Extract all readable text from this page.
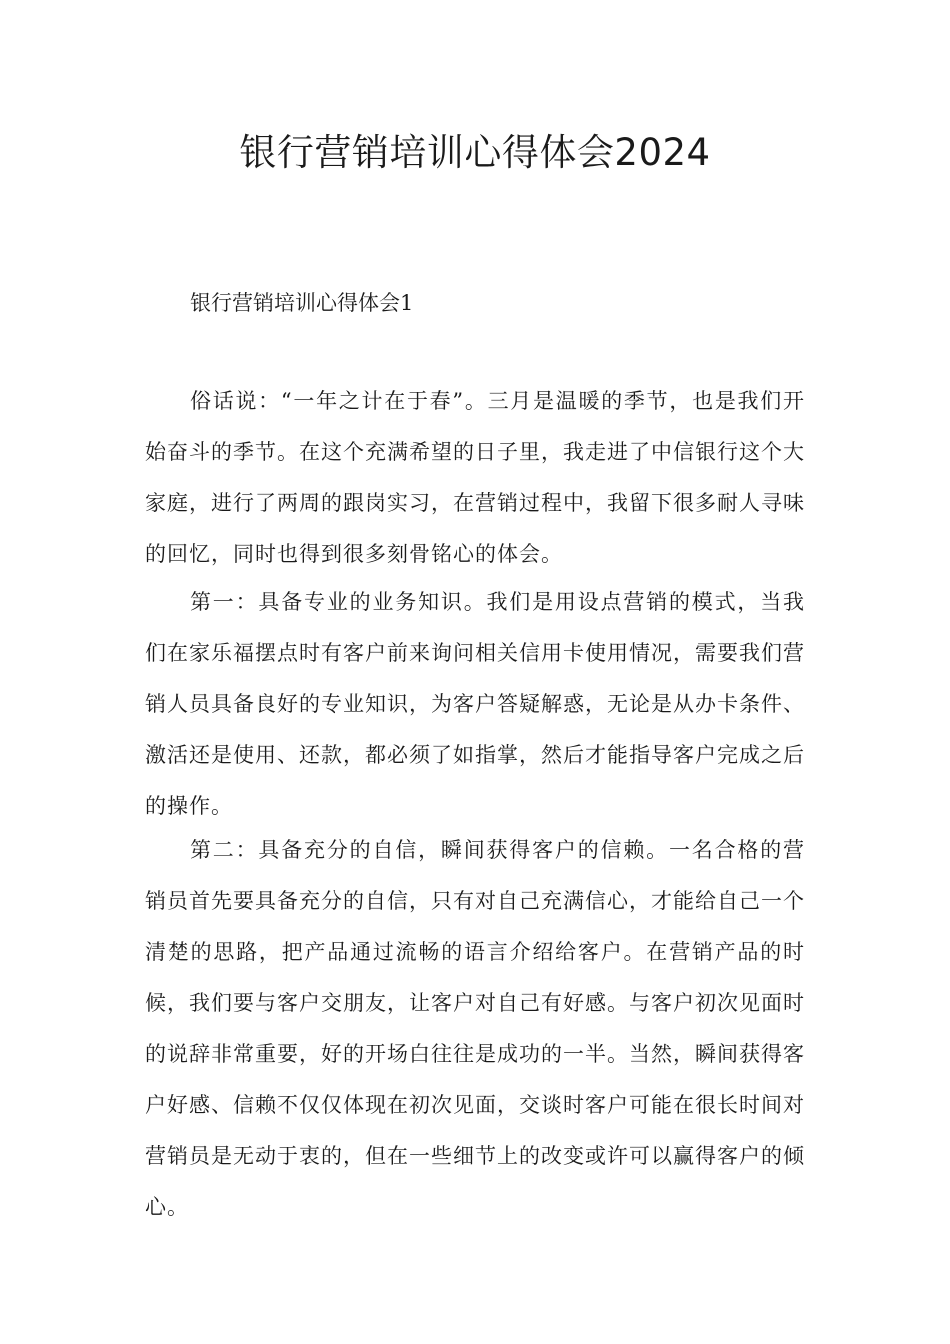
银行营销培训心得体会2024
银行营销培训心得体会1

俗话说：“一年之计在于春”。三月是温暖的季节，也是我们开始奋斗的季节。在这个充满希望的日子里，我走进了中信银行这个大家庭，进行了两周的跟岗实习，在营销过程中，我留下很多耐人寻味的回忆，同时也得到很多刻骨铭心的体会。

第一：具备专业的业务知识。我们是用设点营销的模式，当我们在家乐福摆点时有客户前来询问相关信用卡使用情况，需要我们营销人员具备良好的专业知识，为客户答疑解惑，无论是从办卡条件、激活还是使用、还款，都必须了如指掌，然后才能指导客户完成之后的操作。

第二：具备充分的自信，瞬间获得客户的信赖。一名合格的营销员首先要具备充分的自信，只有对自己充满信心，才能给自己一个清楚的思路，把产品通过流畅的语言介绍给客户。在营销产品的时候，我们要与客户交朋友，让客户对自己有好感。与客户初次见面时的说辞非常重要，好的开场白往往是成功的一半。当然，瞬间获得客户好感、信赖不仅仅体现在初次见面，交谈时客户可能在很长时间对营销员是无动于衷的，但在一些细节上的改变或许可以赢得客户的倾心。
